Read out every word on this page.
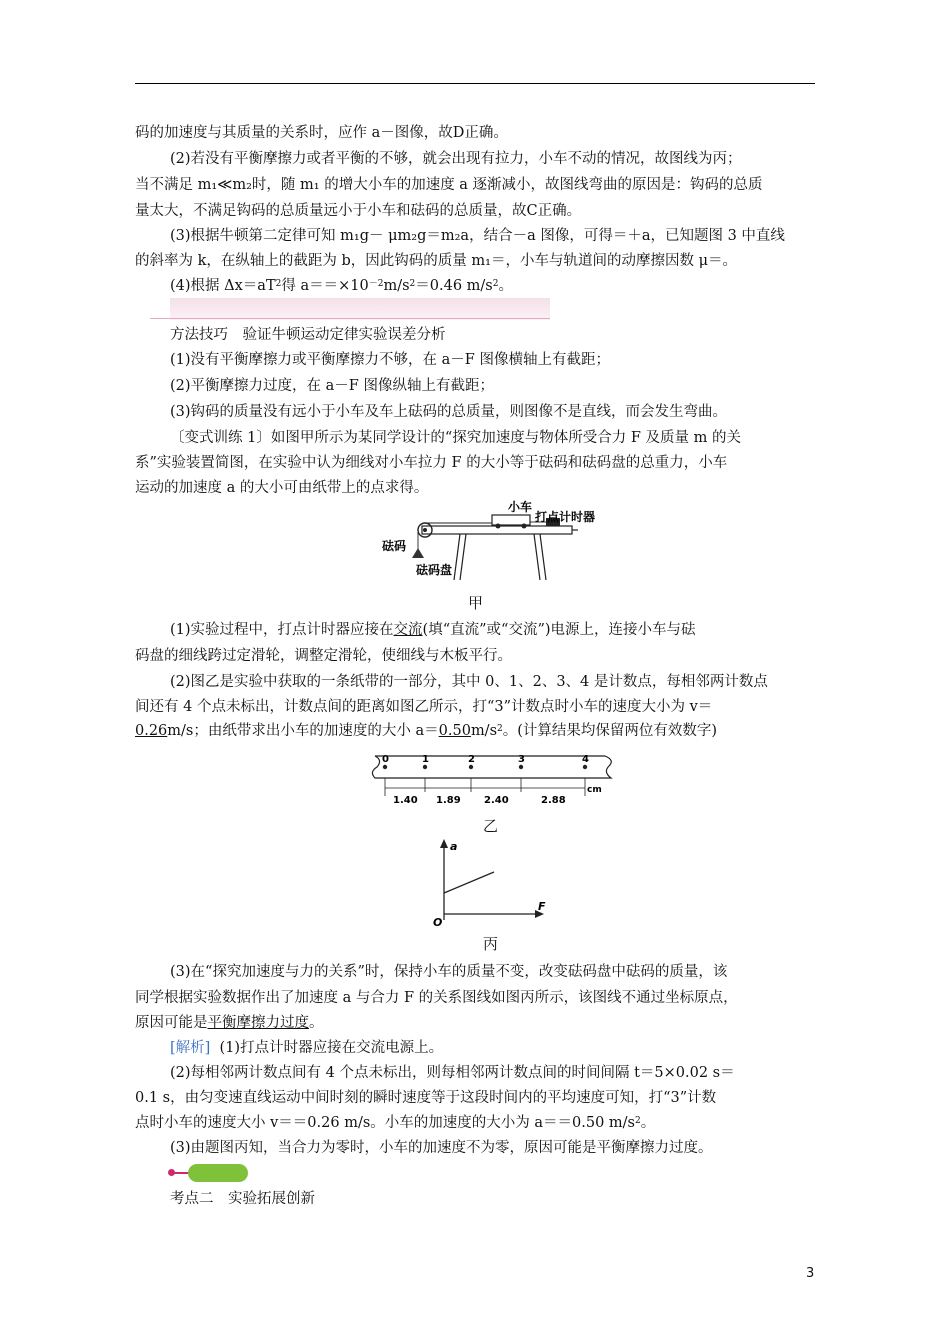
码的加速度与其质量的关系时，应作 a－图像，故D正确。
(2)若没有平衡摩擦力或者平衡的不够，就会出现有拉力，小车不动的情况，故图线为丙；
当不满足 m₁≪m₂时，随 m₁ 的增大小车的加速度 a 逐渐减小，故图线弯曲的原因是：钩码的总质
量太大，不满足钩码的总质量远小于小车和砝码的总质量，故C正确。
(3)根据牛顿第二定律可知 m₁g－ μm₂g＝m₂a，结合－a 图像，可得＝＋a，已知题图 3 中直线
的斜率为 k，在纵轴上的截距为 b，因此钩码的质量 m₁＝，小车与轨道间的动摩擦因数 μ＝。
(4)根据 $\Delta x=aT^2$得 $a==\times 10^{-2}m/s^2=0.46$ $m/s^2$。
方法技巧　验证牛顿运动定律实验误差分析
(1)没有平衡摩擦力或平衡摩擦力不够，在 a－F 图像横轴上有截距；
(2)平衡摩擦力过度，在 a－F 图像纵轴上有截距；
(3)钩码的质量没有远小于小车及车上砝码的总质量，则图像不是直线，而会发生弯曲。
〔变式训练 1〕如图甲所示为某同学设计的“探究加速度与物体所受合力 F 及质量 m 的关
系”实验装置简图，在实验中认为细线对小车拉力 F 的大小等于砝码和砝码盘的总重力，小车
运动的加速度 a 的大小可由纸带上的点求得。
小车
打点计时器
砝码
砝码盘
甲
(1)实验过程中，打点计时器应接在交流(填“直流”或“交流”)电源上，连接小车与砝
码盘的细线跨过定滑轮，调整定滑轮，使细线与木板平行。
(2)图乙是实验中获取的一条纸带的一部分，其中 0、1、2、3、4 是计数点，每相邻两计数点
间还有 4 个点未标出，计数点间的距离如图乙所示，打“3”计数点时小车的速度大小为 v＝
0.26m/s；由纸带求出小车的加速度的大小 $a=0.50m/s^2$。(计算结果均保留两位有效数字)
0	1	2	3	4
cm
1.40 1.89 2.40	2.88
乙
a
F
O
丙
(3)在“探究加速度与力的关系”时，保持小车的质量不变，改变砝码盘中砝码的质量，该
同学根据实验数据作出了加速度 a 与合力 F 的关系图线如图丙所示，该图线不通过坐标原点，
原因可能是平衡摩擦力过度。
[解析] (1)打点计时器应接在交流电源上。
(2)每相邻两计数点间有 4 个点未标出，则每相邻两计数点间的时间间隔 t＝5×0.02 s＝
0.1 s，由匀变速直线运动中间时刻的瞬时速度等于这段时间内的平均速度可知，打“3”计数
点时小车的速度大小 v＝＝0.26 m/s。小车的加速度的大小为 a＝＝0.50 $m/s^2$。
(3)由题图丙知，当合力为零时，小车的加速度不为零，原因可能是平衡摩擦力过度。
考点二　实验拓展创新
3
